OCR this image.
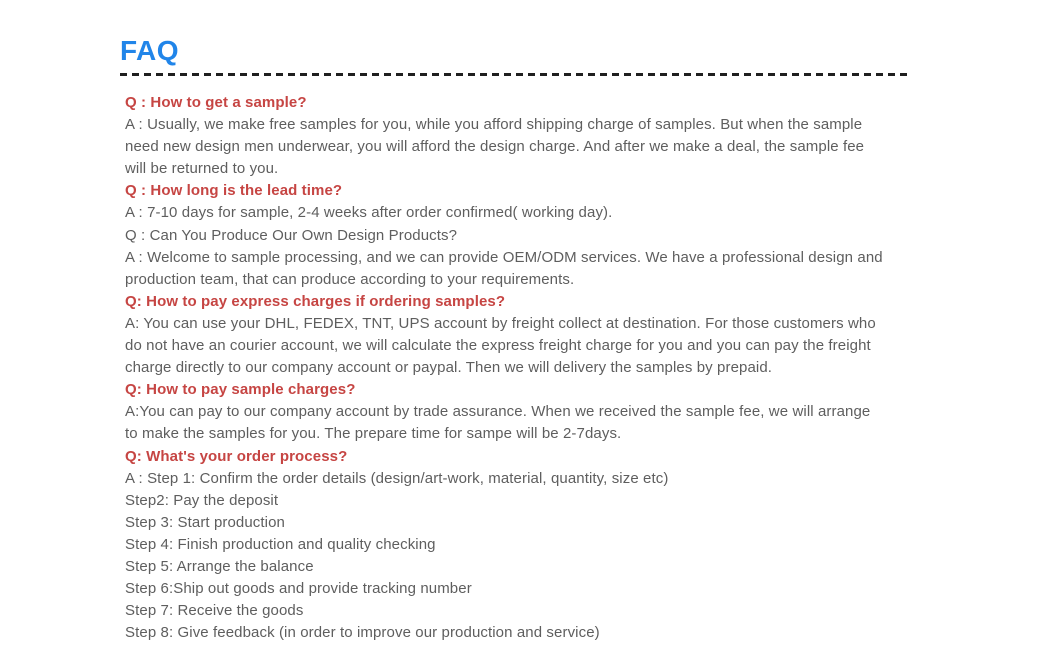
FAQ
Q : How to get a sample?
A : Usually, we make free samples for you, while you afford shipping charge of samples. But when the sample
need new design men underwear, you will afford the design charge. And after we make a deal, the sample fee
will be returned to you.
Q : How long is the lead time?
A : 7-10 days for sample, 2-4 weeks after order confirmed( working day).
Q : Can You Produce Our Own Design Products?
A : Welcome to sample processing, and we can provide OEM/ODM services. We have a professional design and
production team, that can produce according to your requirements.
Q: How to pay express charges if ordering samples?
A: You can use your DHL, FEDEX, TNT, UPS account by freight collect at destination. For those customers who
do not have an courier account, we will calculate the express freight charge for you and you can pay the freight
charge directly to our company account or paypal. Then we will delivery the samples by prepaid.
Q: How to pay sample charges?
A:You can pay to our company account by trade assurance. When we received the sample fee, we will arrange
to make the samples for you. The prepare time for sampe will be 2-7days.
Q: What's your order process?
A : Step 1: Confirm the order details (design/art-work, material, quantity, size etc)
Step2: Pay the deposit
Step 3: Start production
Step 4: Finish production and quality checking
Step 5: Arrange the balance
Step 6:Ship out goods and provide tracking number
Step 7: Receive the goods
Step 8: Give feedback (in order to improve our production and service)
